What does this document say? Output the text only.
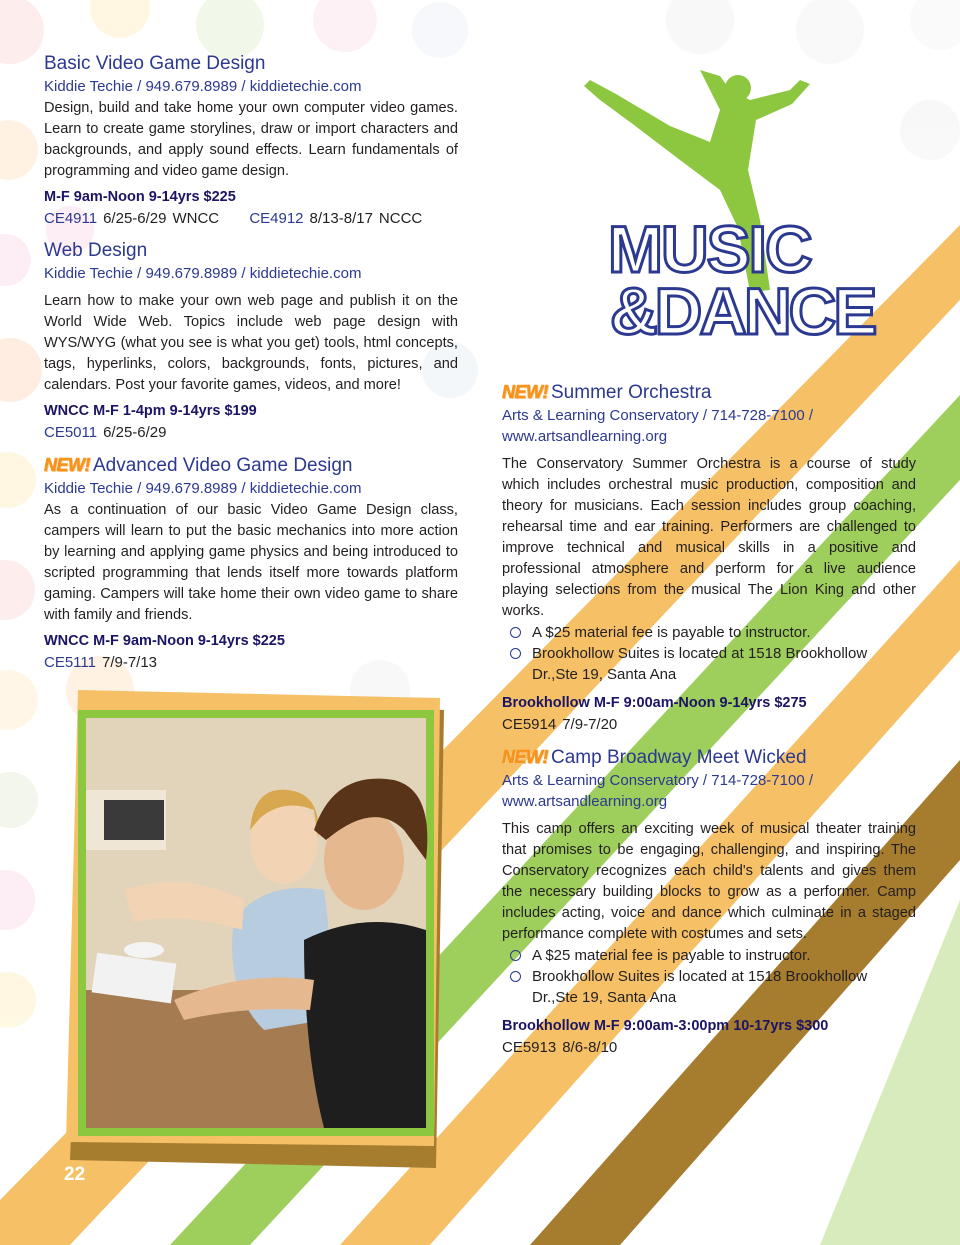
MUSIC
&DANCE
Basic Video Game Design
Kiddie Techie / 949.679.8989 / kiddietechie.com

Design, build and take home your own computer video games. Learn to create game storylines, draw or import characters and backgrounds, and apply sound effects. Learn fundamentals of programming and video game design.

M-F 9am-Noon 9-14yrs $225
CE4911 6/25-6/29 WNCC CE4912 8/13-8/17 NCCC
Web Design
Kiddie Techie / 949.679.8989 / kiddietechie.com

Learn how to make your own web page and publish it on the World Wide Web. Topics include web page design with WYS/WYG (what you see is what you get) tools, html concepts, tags, hyperlinks, colors, backgrounds, fonts, pictures, and calendars. Post your favorite games, videos, and more!

WNCC M-F 1-4pm 9-14yrs $199
CE5011 6/25-6/29
NEW! Advanced Video Game Design
Kiddie Techie / 949.679.8989 / kiddietechie.com

As a continuation of our basic Video Game Design class, campers will learn to put the basic mechanics into more action by learning and applying game physics and being introduced to scripted programming that lends itself more towards platform gaming. Campers will take home their own video game to share with family and friends.

WNCC M-F 9am-Noon 9-14yrs $225
CE5111 7/9-7/13
NEW! Summer Orchestra
Arts & Learning Conservatory / 714-728-7100 / www.artsandlearning.org

The Conservatory Summer Orchestra is a course of study which includes orchestral music production, composition and theory for musicians. Each session includes group coaching, rehearsal time and ear training. Performers are challenged to improve technical and musical skills in a positive and professional atmosphere and perform for a live audience playing selections from the musical The Lion King and other works.

A $25 material fee is payable to instructor.
Brookhollow Suites is located at 1518 Brookhollow Dr.,Ste 19, Santa Ana
Brookhollow M-F 9:00am-Noon 9-14yrs $275
CE5914 7/9-7/20
NEW! Camp Broadway Meet Wicked
Arts & Learning Conservatory / 714-728-7100 / www.artsandlearning.org

This camp offers an exciting week of musical theater training that promises to be engaging, challenging, and inspiring. The Conservatory recognizes each child's talents and gives them the necessary building blocks to grow as a performer. Camp includes acting, voice and dance which culminate in a staged performance complete with costumes and sets.

A $25 material fee is payable to instructor.
Brookhollow Suites is located at 1518 Brookhollow Dr.,Ste 19, Santa Ana
Brookhollow M-F 9:00am-3:00pm 10-17yrs $300
CE5913 8/6-8/10
22
